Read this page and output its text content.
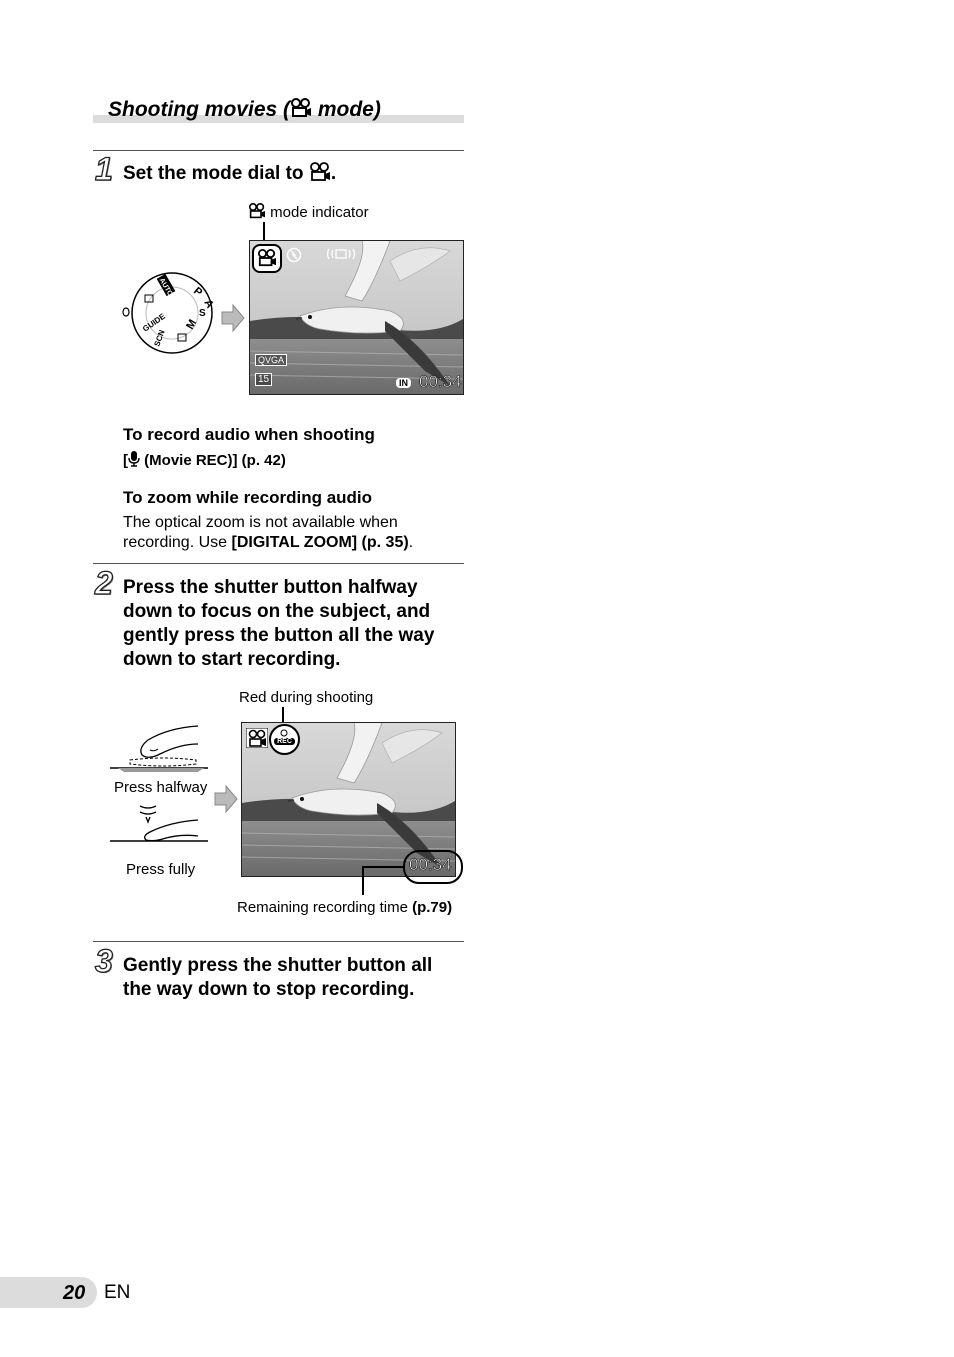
Shooting movies ( mode)
1 Set the mode dial to .
mode indicator
P
A
S
M
AUTO
GUIDE
SCN
QVGA
15	IN 00:34
To record audio when shooting
[ (Movie REC)] (p. 42)
To zoom while recording audio
The optical zoom is not available when recording. Use [DIGITAL ZOOM] (p. 35).
2 Press the shutter button halfway down to focus on the subject, and gently press the button all the way down to start recording.
Red during shooting
Press halfway
Press fully
REC
00:34
Remaining recording time (p.79)
3 Gently press the shutter button all the way down to stop recording.
20 EN
